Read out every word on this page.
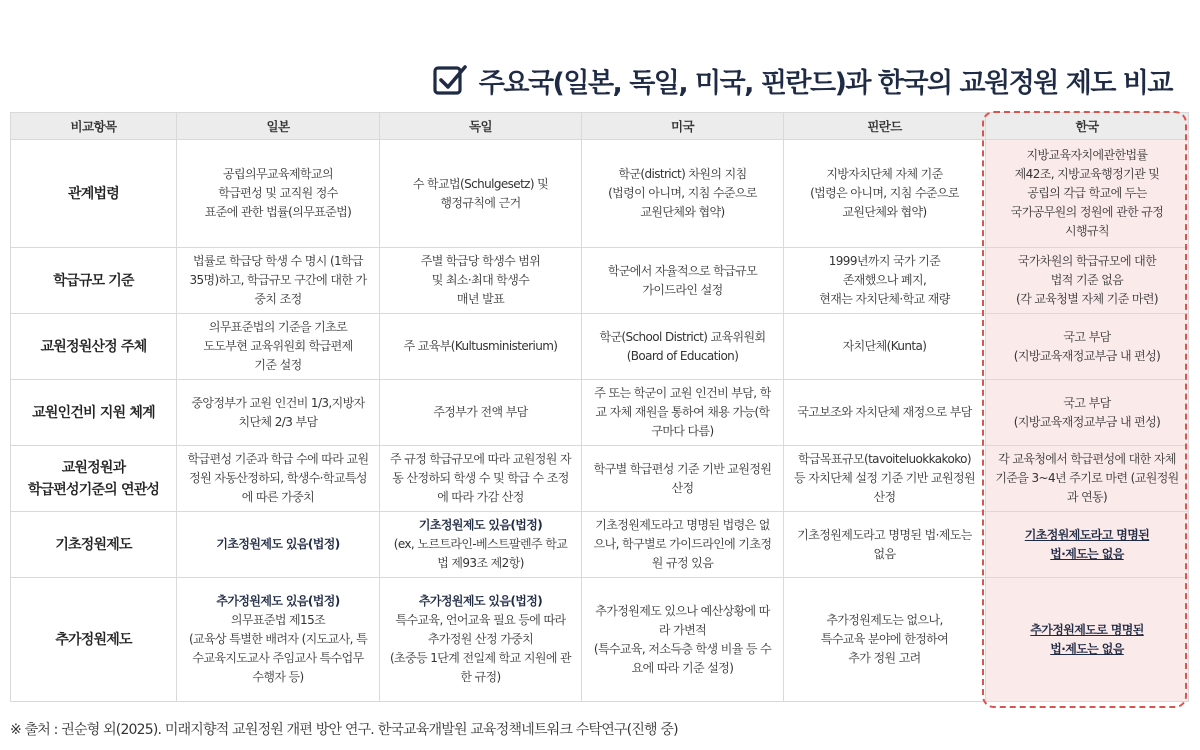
주요국(일본, 독일, 미국, 핀란드)과 한국의 교원정원 제도 비교
비교항목	일본	독일	미국	핀란드	한국

관계법령	공립의무교육제학교의
학급편성 및 교직원 정수
표준에 관한 법률(의무표준법)	수 학교법(Schulgesetz) 및
행정규칙에 근거	학군(district) 차원의 지침
(법령이 아니며, 지침 수준으로
교원단체와 협약)	지방자치단체 자체 기준
(법령은 아니며, 지침 수준으로
교원단체와 협약)	지방교육자치에관한법률
제42조, 지방교육행정기관 및
공립의 각급 학교에 두는
국가공무원의 정원에 관한 규정
시행규칙

학급규모 기준	법률로 학급당 학생 수 명시 (1학급
35명)하고, 학급규모 구간에 대한 가
중치 조정	주별 학급당 학생수 범위
및 최소·최대 학생수
매년 발표	학군에서 자율적으로 학급규모
가이드라인 설정	1999년까지 국가 기준
존재했으나 폐지,
현재는 자치단체·학교 재량	국가차원의 학급규모에 대한
법적 기준 없음
(각 교육청별 자체 기준 마련)

교원정원산정 주체	의무표준법의 기준을 기초로
도도부현 교육위원회 학급편제
기준 설정	주 교육부(Kultusministerium)	학군(School District) 교육위원회
(Board of Education)	자치단체(Kunta)	국고 부담
(지방교육재정교부금 내 편성)

교원인건비 지원 체계	중앙정부가 교원 인건비 1/3,지방자
치단체 2/3 부담	주정부가 전액 부담	주 또는 학군이 교원 인건비 부담, 학
교 자체 재원을 통하여 채용 가능(학
구마다 다름)	국고보조와 자치단체 재정으로 부담	국고 부담
(지방교육재정교부금 내 편성)

교원정원과
학급편성기준의 연관성	학급편성 기준과 학급 수에 따라 교원
정원 자동산정하되, 학생수·학교특성
에 따른 가중치	주 규정 학급규모에 따라 교원정원 자
동 산정하되 학생 수 및 학급 수 조정
에 따라 가감 산정	학구별 학급편성 기준 기반 교원정원
산정	학급목표규모(tavoiteluokkakoko)
등 자치단체 설정 기준 기반 교원정원
산정	각 교육청에서 학급편성에 대한 자체
기준을 3~4년 주기로 마련 (교원정원
과 연동)

기초정원제도	기초정원제도 있음(법정)	기초정원제도 있음(법정)
(ex, 노르트라인-베스트팔렌주 학교
법 제93조 제2항)	기초정원제도라고 명명된 법령은 없
으나, 학구별로 가이드라인에 기초정
원 규정 있음	기초정원제도라고 명명된 법·제도는
없음	기초정원제도라고 명명된
법·제도는 없음

추가정원제도	추가정원제도 있음(법정)
의무표준법 제15조
(교육상 특별한 배려자 (지도교사, 특
수교육지도교사 주임교사 특수업무
수행자 등)	추가정원제도 있음(법정)
특수교육, 언어교육 필요 등에 따라
추가정원 산정 가중치
(초중등 1단계 전일제 학교 지원에 관
한 규정)	추가정원제도 있으나 예산상황에 따
라 가변적
(특수교육, 저소득층 학생 비율 등 수
요에 따라 기준 설정)	추가정원제도는 없으나,
특수교육 분야에 한정하여
추가 정원 고려	추가정원제도로 명명된
법·제도는 없음
※ 출처 : 권순형 외(2025). 미래지향적 교원정원 개편 방안 연구. 한국교육개발원 교육정책네트워크 수탁연구(진행 중)
